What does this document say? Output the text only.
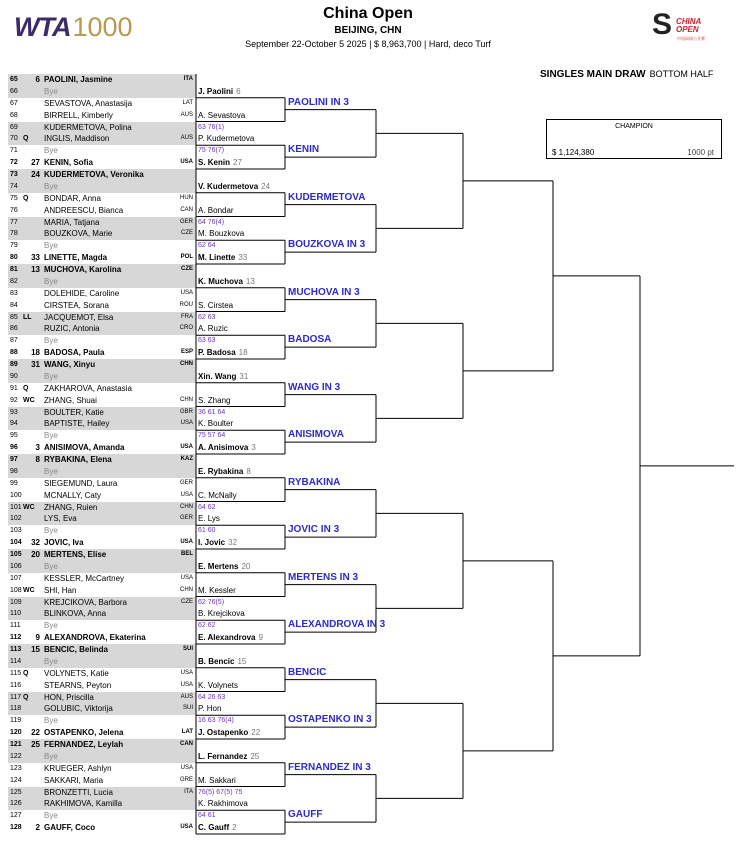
WTA1000	China Open
BEIJING, CHN
September 22-October 5 2025 | $ 8,963,700 | Hard, deco Turf
S CHINA
OPEN
中国网球公开赛
SINGLES MAIN DRAW BOTTOM HALF
CHAMPION
$ 1,124,380	1000 pt
65 6 PAOLINI, Jasmine	ITA
66	Bye
67	SEVASTOVA, Anastasija	LAT
68	BIRRELL, Kimberly	AUS
69	KUDERMETOVA, Polina
70 Q INGLIS, Maddison	AUS
71	Bye
72 27 KENIN, Sofia	USA
73 24 KUDERMETOVA, Veronika
74	Bye
75 Q BONDAR, Anna	HUN
76	ANDREESCU, Bianca	CAN
77	MARIA, Tatjana	GER
78	BOUZKOVA, Marie	CZE
79	Bye
80 33 LINETTE, Magda	POL
81 13 MUCHOVA, Karolina	CZE
82	Bye
83	DOLEHIDE, Caroline	USA
84	CIRSTEA, Sorana	ROU
85 LL JACQUEMOT, Elsa	FRA
86	RUZIC, Antonia	CRO
87	Bye
88 18 BADOSA, Paula	ESP
89 31 WANG, Xinyu	CHN
90	Bye
91 Q ZAKHAROVA, Anastasia
92 WC ZHANG, Shuai	CHN
93	BOULTER, Katie	GBR
94	BAPTISTE, Hailey	USA
95	Bye
96 3 ANISIMOVA, Amanda	USA
97 8 RYBAKINA, Elena	KAZ
98	Bye
99	SIEGEMUND, Laura	GER
100	MCNALLY, Caty	USA
101 WC ZHANG, Ruien	CHN
102	LYS, Eva	GER
103	Bye
104 32 JOVIC, Iva	USA
105 20 MERTENS, Elise	BEL
106	Bye
107	KESSLER, McCartney	USA
108 WC SHI, Han	CHN
109	KREJCIKOVA, Barbora	CZE
110	BLINKOVA, Anna
111	Bye
112 9 ALEXANDROVA, Ekaterina
113 15 BENCIC, Belinda	SUI
114	Bye
115 Q VOLYNETS, Katie	USA
116	STEARNS, Peyton	USA
117 Q HON, Priscilla	AUS
118	GOLUBIC, Viktorija	SUI
119	Bye
120 22 OSTAPENKO, Jelena	LAT
121 25 FERNANDEZ, Leylah	CAN
122	Bye
123	KRUEGER, Ashlyn	USA
124	SAKKARI, Maria	GRE
125	BRONZETTI, Lucia	ITA
126	RAKHIMOVA, Kamilla
127	Bye
128 2 GAUFF, Coco	USA
J. Paolini 6
A. Sevastova
63 76(1)
P. Kudermetova
75 76(7)
S. Kenin 27
V. Kudermetova 24
A. Bondar
64 76(4)
M. Bouzkova
62 64
M. Linette 33
K. Muchova 13
S. Cirstea
62 63
A. Ruzic
63 63
P. Badosa 18
Xin. Wang 31
S. Zhang
36 61 64
K. Boulter
75 57 64
A. Anisimova 3
E. Rybakina 8
C. McNally
64 62
E. Lys
61 60
I. Jovic 32
E. Mertens 20
M. Kessler
62 76(5)
B. Krejcikova
62 62
E. Alexandrova 9
B. Bencic 15
K. Volynets
64 26 63
P. Hon
16 63 76(4)
J. Ostapenko 22
L. Fernandez 25
M. Sakkari
76(5) 67(5) 75
K. Rakhimova
64 61
C. Gauff 2
PAOLINI IN 3
KENIN
KUDERMETOVA
BOUZKOVA IN 3
MUCHOVA IN 3
BADOSA
WANG IN 3
ANISIMOVA
RYBAKINA
JOVIC IN 3
MERTENS IN 3
ALEXANDROVA IN 3
BENCIC
OSTAPENKO IN 3
FERNANDEZ IN 3
GAUFF
